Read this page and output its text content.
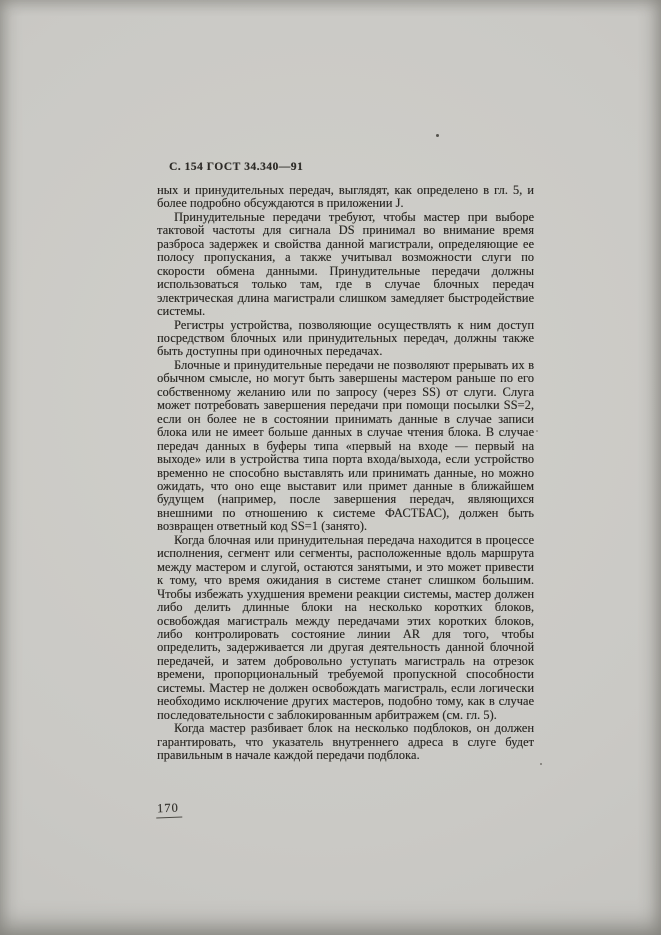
С. 154 ГОСТ 34.340—91

ных и принудительных передач, выглядят, как определено в гл. 5, и более подробно обсуждаются в приложении J.

Принудительные передачи требуют, чтобы мастер при выборе тактовой частоты для сигнала DS принимал во внимание время разброса задержек и свойства данной магистрали, определяющие ее полосу пропускания, а также учитывал возможности слуги по скорости обмена данными. Принудительные передачи должны использоваться только там, где в случае блочных передач электрическая длина магистрали слишком замедляет быстродействие системы.

Регистры устройства, позволяющие осуществлять к ним доступ посредством блочных или принудительных передач, должны также быть доступны при одиночных передачах.

Блочные и принудительные передачи не позволяют прерывать их в обычном смысле, но могут быть завершены мастером раньше по его собственному желанию или по запросу (через SS) от слуги. Слуга может потребовать завершения передачи при помощи посылки SS=2, если он более не в состоянии принимать данные в случае записи блока или не имеет больше данных в случае чтения блока. В случае передач данных в буферы типа «первый на входе — первый на выходе» или в устройства типа порта входа/выхода, если устройство временно не способно выставлять или принимать данные, но можно ожидать, что оно еще выставит или примет данные в ближайшем будущем (например, после завершения передач, являющихся внешними по отношению к системе ФАСТБАС), должен быть возвращен ответный код SS=1 (занято).

Когда блочная или принудительная передача находится в процессе исполнения, сегмент или сегменты, расположенные вдоль маршрута между мастером и слугой, остаются занятыми, и это может привести к тому, что время ожидания в системе станет слишком большим. Чтобы избежать ухудшения времени реакции системы, мастер должен либо делить длинные блоки на несколько коротких блоков, освобождая магистраль между передачами этих коротких блоков, либо контролировать состояние линии AR для того, чтобы определить, задерживается ли другая деятельность данной блочной передачей, и затем добровольно уступать магистраль на отрезок времени, пропорциональный требуемой пропускной способности системы. Мастер не должен освобождать магистраль, если логически необходимо исключение других мастеров, подобно тому, как в случае последовательности с заблокированным арбитражем (см. гл. 5).

Когда мастер разбивает блок на несколько подблоков, он должен гарантировать, что указатель внутреннего адреса в слуге будет правильным в начале каждой передачи подблока.

170
